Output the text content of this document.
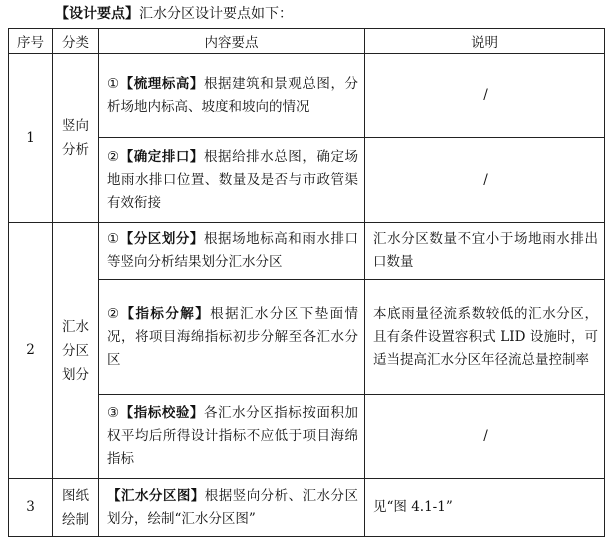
【设计要点】汇水分区设计要点如下：
序号	分类	内容要点	说明
1	竖向分析	①【梳理标高】根据建筑和景观总图，分析场地内标高、坡度和坡向的情况	/
		②【确定排口】根据给排水总图，确定场地雨水排口位置、数量及是否与市政管渠有效衔接	/
2	汇水分区划分	①【分区划分】根据场地标高和雨水排口等竖向分析结果划分汇水分区	汇水分区数量不宜小于场地雨水排出口数量
		②【指标分解】根据汇水分区下垫面情况，将项目海绵指标初步分解至各汇水分区	本底雨量径流系数较低的汇水分区，且有条件设置容积式 LID 设施时，可适当提高汇水分区年径流总量控制率
		③【指标校验】各汇水分区指标按面积加权平均后所得设计指标不应低于项目海绵指标	/
3	图纸绘制	【汇水分区图】根据竖向分析、汇水分区划分，绘制“汇水分区图”	见“图 4.1-1”
